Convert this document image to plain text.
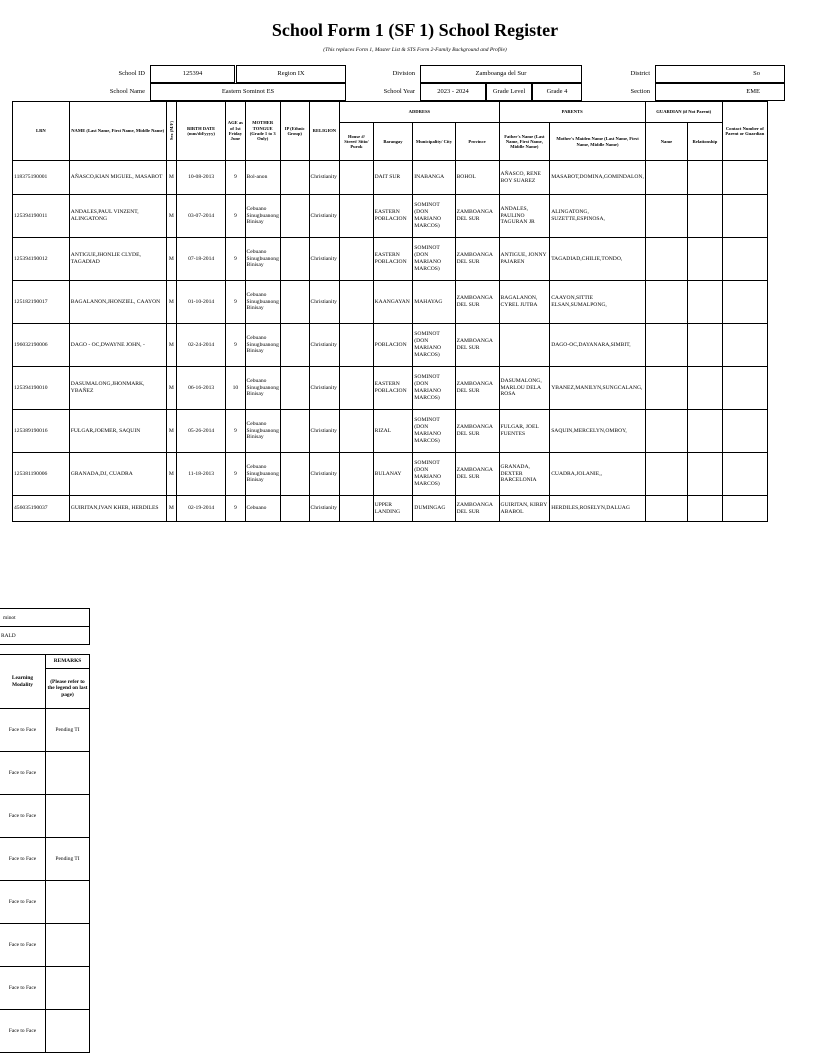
School Form 1 (SF 1) School Register
(This replaces Form 1, Master List & STS Form 2-Family Background and Profile)
School ID	125394	Region IX	Division	Zamboanga del Sur	District	So
School Name	Eastern Sominot ES	School Year	2023 - 2024	Grade Level	Grade 4	Section	EME
LRN	NAME (Last Name, First Name, Middle Name)	Sex (M/F)	BIRTH DATE (mm/dd/yyyy)	AGE as of 1st Friday June	MOTHER TONGUE (Grade 1 to 3 Only)	IP (Ethnic Group)	RELIGION	ADDRESS				PARENTS		GUARDIAN (if Not Parent)		Contact Number of Parent or Guardian
								House #/ Street/ Sitio/ Purok	Barangay	Municipality/ City	Province	Father's Name (Last Name, First Name, Middle Name)	Mother's Maiden Name (Last Name, First Name, Middle Name)	Name	Relationship	
118375190001	AÑASCO,KIAN MIGUEL, MASABOT	M	10-08-2013	9	Bol-anon		Christianity		DAIT SUR	INABANGA	BOHOL	AÑASCO, RENE BOY SUAREZ	MASABOT,DOMINA,GOMINDALON,			
125394190011	ANDALES,PAUL VINZENT, ALINGATONG	M	03-07-2014	9	Cebuano Sinugbuanong Binisay		Christianity		EASTERN POBLACION	SOMINOT (DON MARIANO MARCOS)	ZAMBOANGA DEL SUR	ANDALES, PAULINO TAGURAN JR	ALINGATONG, SUZETTE,ESPINOSA,			
125394190012	ANTIGUE,JHONLIE CLYDE, TAGADIAD	M	07-18-2014	9	Cebuano Sinugbuanong Binisay		Christianity		EASTERN POBLACION	SOMINOT (DON MARIANO MARCOS)	ZAMBOANGA DEL SUR	ANTIGUE, JONNY PAJAREN	TAGADIAD,CHILIE,TONDO,			
125182190017	BAGALANON,JHONZIEL, CAAYON	M	01-10-2014	9	Cebuano Sinugbuanong Binisay		Christianity		KAANGAYAN	MAHAYAG	ZAMBOANGA DEL SUR	BAGALANON, CYREL JUTBA	CAAYON,SITTIE ELSAN,SUMALPONG,			
196032190006	DAGO - OC,DWAYNE JOHN, -	M	02-24-2014	9	Cebuano Sinugbuanong Binisay		Christianity		POBLACION	SOMINOT (DON MARIANO MARCOS)	ZAMBOANGA DEL SUR		DAGO-OC,DAYANARA,SIMBIT,			
125394190010	DASUMALONG,JHONMARK, YBAÑEZ	M	06-16-2013	10	Cebuano Sinugbuanong Binisay		Christianity		EASTERN POBLACION	SOMINOT (DON MARIANO MARCOS)	ZAMBOANGA DEL SUR	DASUMALONG, MARLOU DELA ROSA	YBANEZ,MANILYN,SUNGCALANG,			
125389190016	FULGAR,JOEMER, SAQUIN	M	05-26-2014	9	Cebuano Sinugbuanong Binisay		Christianity		RIZAL	SOMINOT (DON MARIANO MARCOS)	ZAMBOANGA DEL SUR	FULGAR, JOEL FUENTES	SAQUIN,MERCELYN,OMBOY,			
125381190006	GRANADA,DJ, CUADRA	M	11-18-2013	9	Cebuano Sinugbuanong Binisay		Christianity		BULANAY	SOMINOT (DON MARIANO MARCOS)	ZAMBOANGA DEL SUR	GRANADA, DEXTER BARCELONIA	CUADRA,JOLANIE,,			
456035190037	GUIRITAN,IVAN KHER, HERDILES	M	02-19-2014	9	Cebuano		Christianity		UPPER LANDING	DUMINGAG	ZAMBOANGA DEL SUR	GUIRITAN, KIRBY ABABOL	HERDILES,ROSELYN,DALUAG			
minot	
RALD	

Learning Modality	REMARKS
	(Please refer to the legend on last page)
Face to Face	Pending TI
Face to Face	
Face to Face	
Face to Face	Pending TI
Face to Face	
Face to Face	
Face to Face	
Face to Face	
